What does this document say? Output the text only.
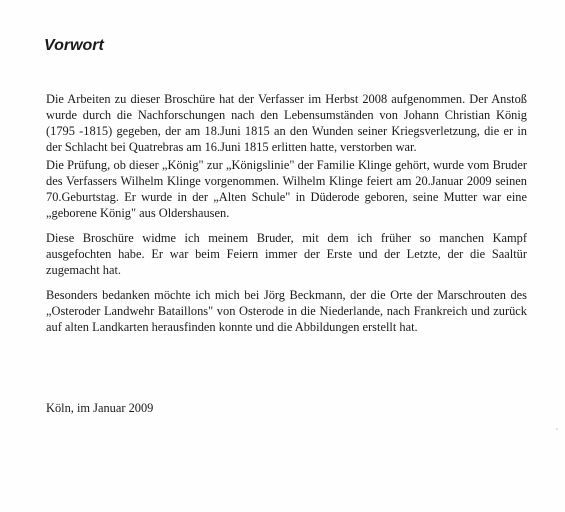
Vorwort

Die Arbeiten zu dieser Broschüre hat der Verfasser im Herbst 2008 aufgenommen. Der Anstoß wurde durch die Nachforschungen nach den Lebensumständen von Johann Christian König (1795 -1815) gegeben, der am 18.Juni 1815 an den Wunden seiner Kriegsverletzung, die er in der Schlacht bei Quatrebras am 16.Juni 1815 erlitten hatte, verstorben war.

Die Prüfung, ob dieser „König" zur „Königslinie" der Familie Klinge gehört, wurde vom Bruder des Verfassers Wilhelm Klinge vorgenommen. Wilhelm Klinge feiert am 20.Januar 2009 seinen 70.Geburtstag. Er wurde in der „Alten Schule" in Düderode geboren, seine Mutter war eine „geborene König" aus Oldershausen.

Diese Broschüre widme ich meinem Bruder, mit dem ich früher so manchen Kampf ausgefochten habe. Er war beim Feiern immer der Erste und der Letzte, der die Saaltür zugemacht hat.

Besonders bedanken möchte ich mich bei Jörg Beckmann, der die Orte der Marschrouten des „Osteroder Landwehr Bataillons" von Osterode in die Niederlande, nach Frankreich und zurück auf alten Landkarten herausfinden konnte und die Abbildungen erstellt hat.

Köln, im Januar 2009
